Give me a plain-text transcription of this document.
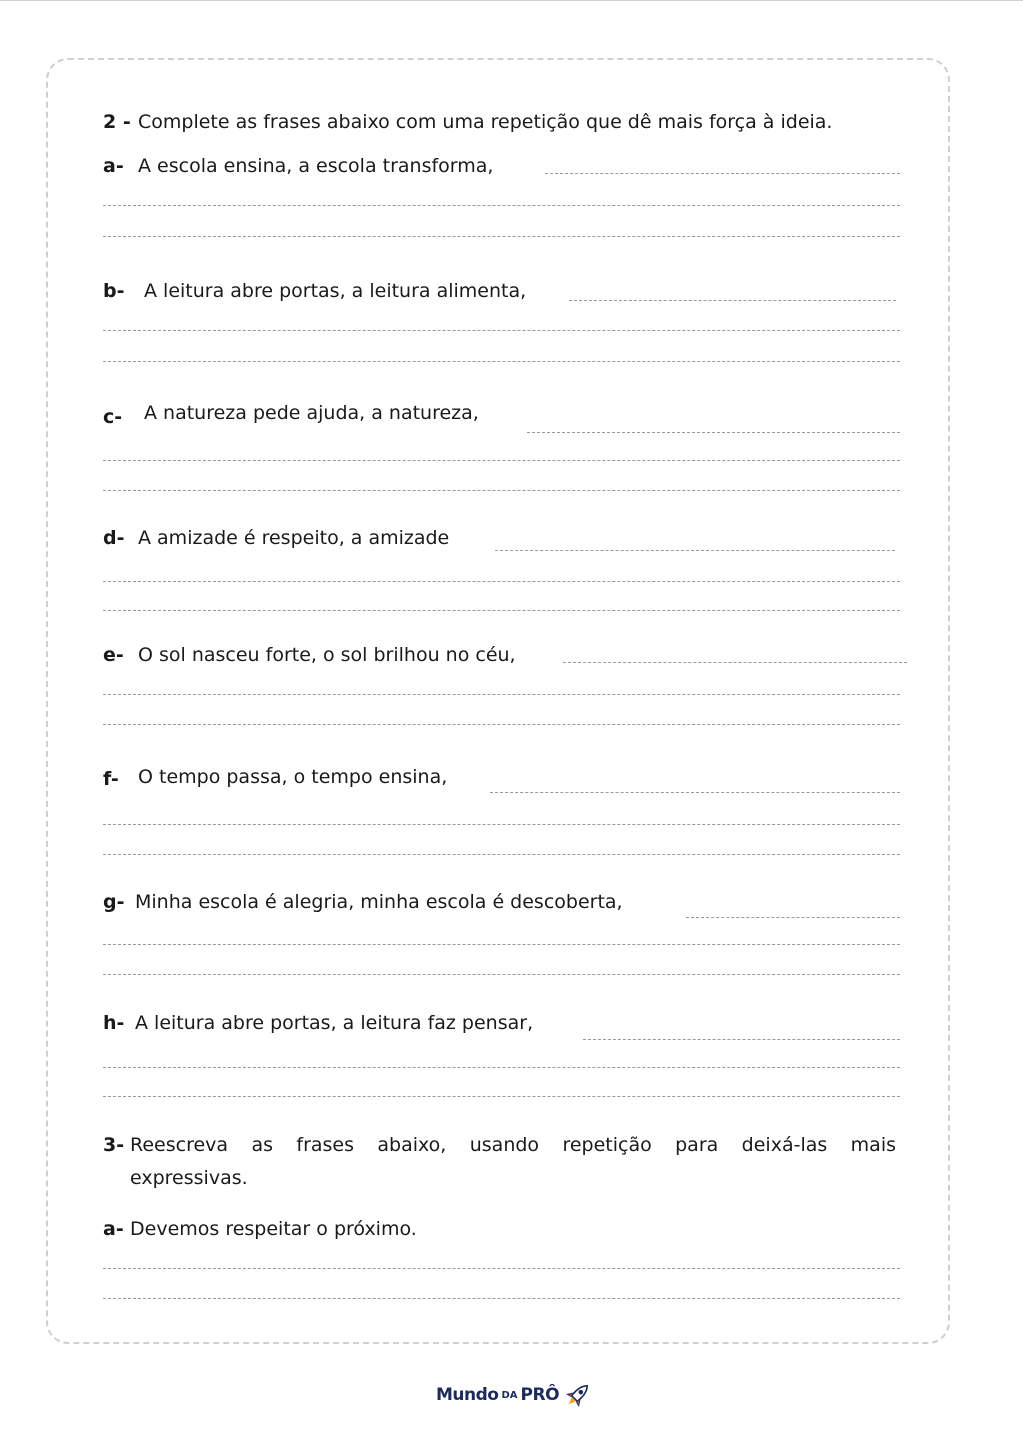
2 - Complete as frases abaixo com uma repetição que dê mais força à ideia.
a- A escola ensina, a escola transforma,
b- A leitura abre portas, a leitura alimenta,
c- A natureza pede ajuda, a natureza,
d- A amizade é respeito, a amizade
e- O sol nasceu forte, o sol brilhou no céu,
f- O tempo passa, o tempo ensina,
g- Minha escola é alegria, minha escola é descoberta,
h- A leitura abre portas, a leitura faz pensar,
3- Reescreva as frases abaixo, usando repetição para deixá-las mais
expressivas.
a- Devemos respeitar o próximo.
Mundo DA PRÔ
